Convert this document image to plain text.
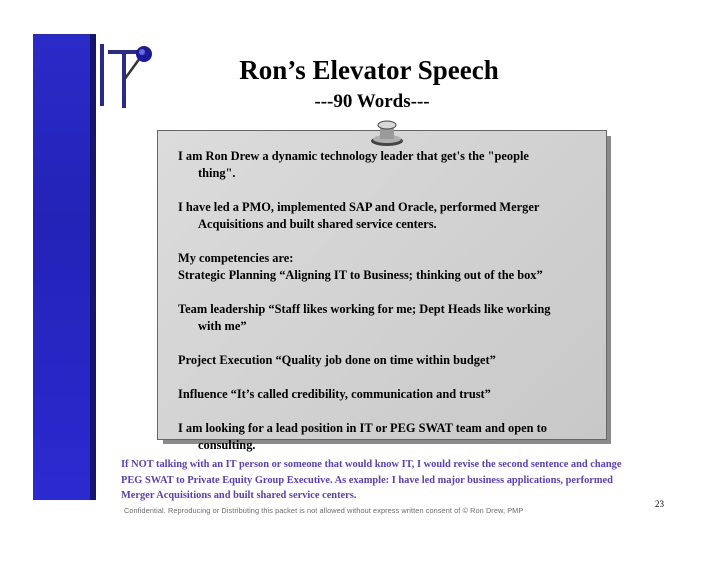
Ron’s Elevator Speech
---90 Words---
I am Ron Drew a dynamic technology leader that get's the "people
thing".
I have led a PMO, implemented SAP and Oracle, performed Merger
Acquisitions and built shared service centers.
My competencies are:
Strategic Planning “Aligning IT to Business; thinking out of the box”
Team leadership “Staff likes working for me; Dept Heads like working
with me”
Project Execution “Quality job done on time within budget”
Influence “It’s called credibility, communication and trust”
I am looking for a lead position in IT or PEG SWAT team and open to
consulting.
If NOT talking with an IT person or someone that would know IT, I would revise the second sentence and change
PEG SWAT to Private Equity Group Executive. As example: I have led major business applications, performed
Merger Acquisitions and built shared service centers.
Confidential. Reproducing or Distributing this packet is not allowed without express written consent of © Ron Drew, PMP
23
